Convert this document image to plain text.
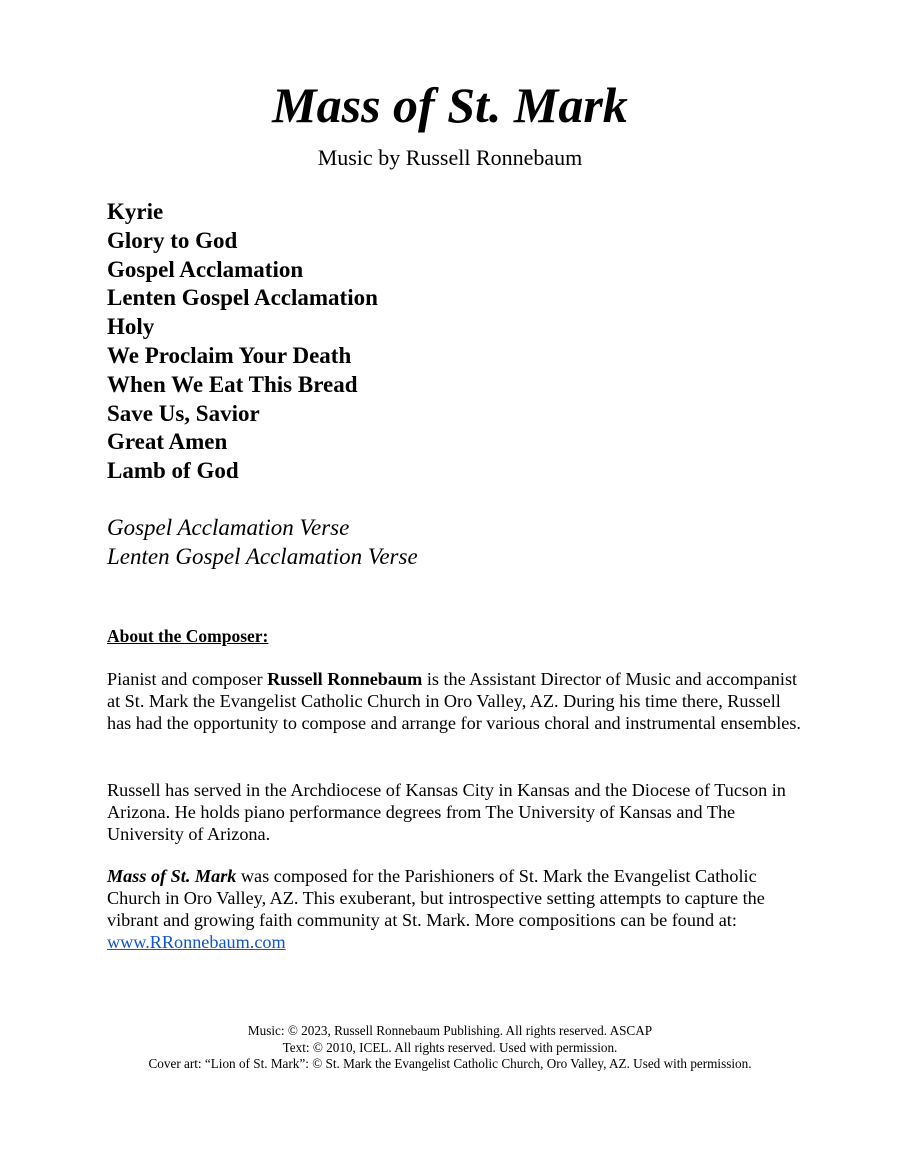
Mass of St. Mark

Music by Russell Ronnebaum

Kyrie
Glory to God
Gospel Acclamation
Lenten Gospel Acclamation
Holy
We Proclaim Your Death
When We Eat This Bread
Save Us, Savior
Great Amen
Lamb of God
Gospel Acclamation Verse
Lenten Gospel Acclamation Verse

About the Composer:

Pianist and composer Russell Ronnebaum is the Assistant Director of Music and accompanist at St. Mark the Evangelist Catholic Church in Oro Valley, AZ. During his time there, Russell has had the opportunity to compose and arrange for various choral and instrumental ensembles.

Russell has served in the Archdiocese of Kansas City in Kansas and the Diocese of Tucson in Arizona. He holds piano performance degrees from The University of Kansas and The University of Arizona.

Mass of St. Mark was composed for the Parishioners of St. Mark the Evangelist Catholic Church in Oro Valley, AZ. This exuberant, but introspective setting attempts to capture the vibrant and growing faith community at St. Mark. More compositions can be found at: www.RRonnebaum.com

Music: © 2023, Russell Ronnebaum Publishing. All rights reserved. ASCAP
Text: © 2010, ICEL. All rights reserved. Used with permission.
Cover art: “Lion of St. Mark”: © St. Mark the Evangelist Catholic Church, Oro Valley, AZ. Used with permission.
